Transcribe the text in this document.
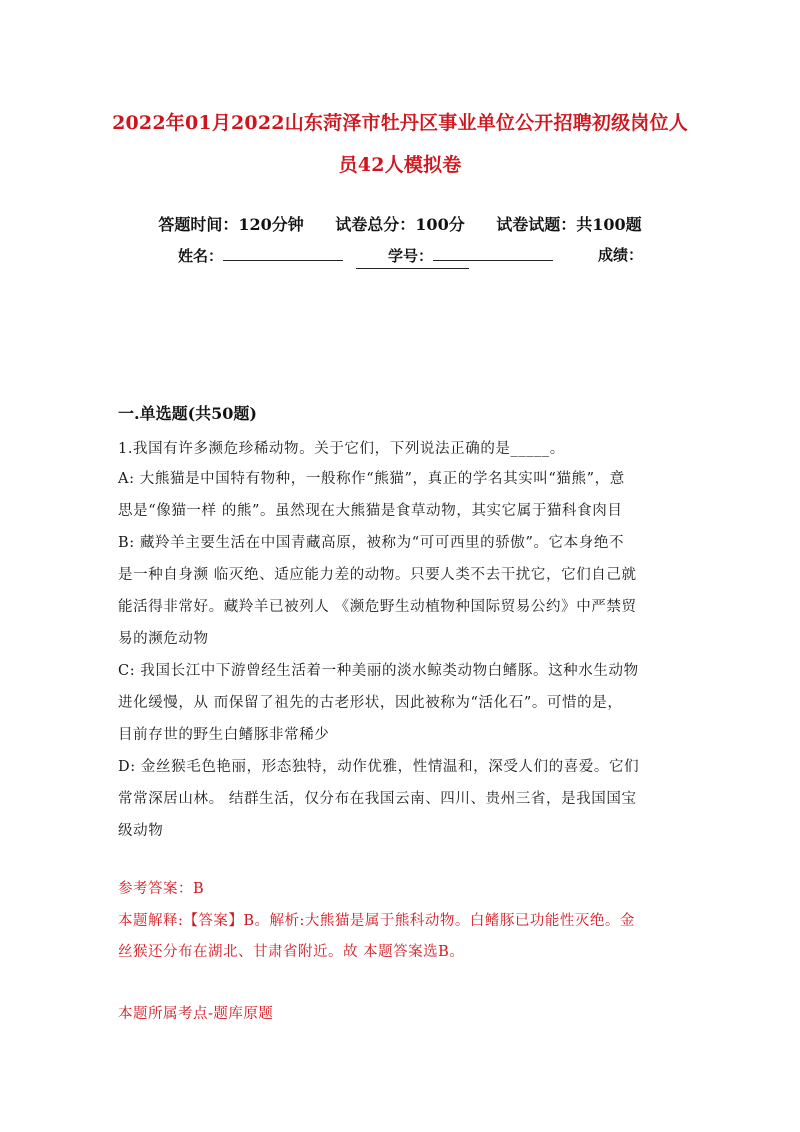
2022年01月2022山东菏泽市牡丹区事业单位公开招聘初级岗位人
员42人模拟卷
答题时间：120分钟 试卷总分：100分 试卷试题：共100题
姓名：	学号：	成绩：
一.单选题(共50题)
1.我国有许多濒危珍稀动物。关于它们，下列说法正确的是_____。
A: 大熊猫是中国特有物种，一般称作“熊猫”，真正的学名其实叫“猫熊”，意
思是“像猫一样 的熊”。虽然现在大熊猫是食草动物，其实它属于猫科食肉目
B: 藏羚羊主要生活在中国青藏高原，被称为“可可西里的骄傲”。它本身绝不
是一种自身濒 临灭绝、适应能力差的动物。只要人类不去干扰它，它们自己就
能活得非常好。藏羚羊已被列人 《濒危野生动植物种国际贸易公约》中严禁贸
易的濒危动物
C: 我国长江中下游曾经生活着一种美丽的淡水鲸类动物白鳍豚。这种水生动物
进化缓慢，从 而保留了祖先的古老形状，因此被称为“活化石”。可惜的是，
目前存世的野生白鳍豚非常稀少
D: 金丝猴毛色艳丽，形态独特，动作优雅，性情温和，深受人们的喜爱。它们
常常深居山林。 结群生活，仅分布在我国云南、四川、贵州三省，是我国国宝
级动物
参考答案：B
本题解释:【答案】B。解析:大熊猫是属于熊科动物。白鳍豚已功能性灭绝。金
丝猴还分布在湖北、甘肃省附近。故 本题答案选B。
本题所属考点-题库原题
